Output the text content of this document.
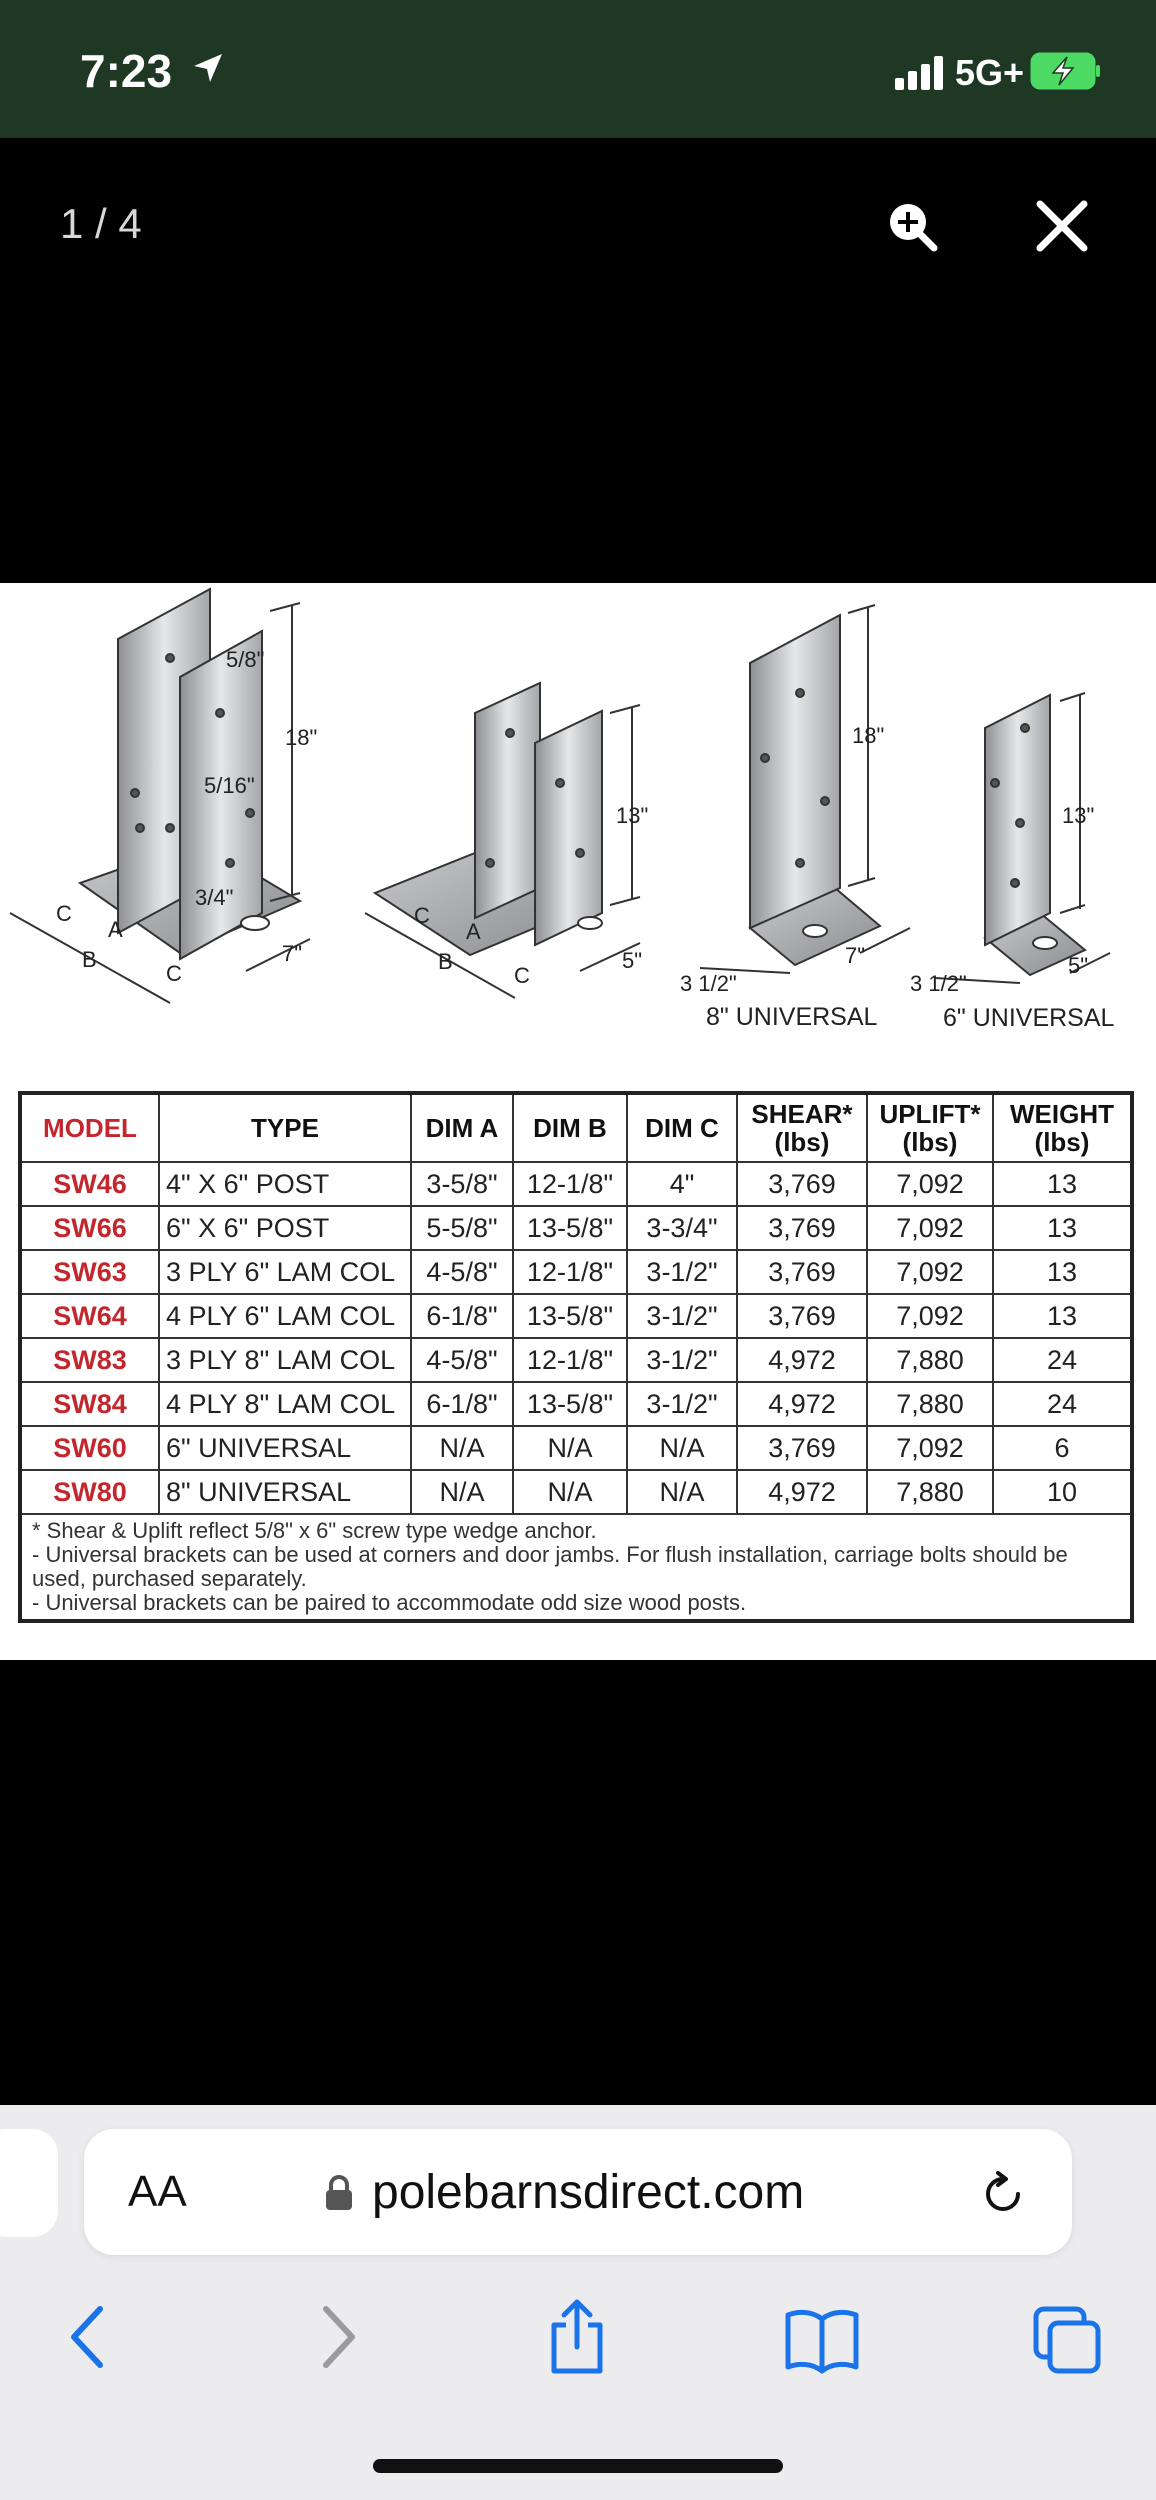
7:23	5G+
1 / 4
5/8"
18"
5/16"
3/4"
7"
C
A
B
C
13"
5"
C
A
B
C
18"
7"
3 1/2"
8" UNIVERSAL
13"
5"
3 1/2"
6" UNIVERSAL
MODEL	TYPE	DIM A	DIM B	DIM C	SHEAR* (lbs)	UPLIFT* (lbs)	WEIGHT (lbs)
SW46	4" X 6" POST	3-5/8"	12-1/8"	4"	3,769	7,092	13
SW66	6" X 6" POST	5-5/8"	13-5/8"	3-3/4"	3,769	7,092	13
SW63	3 PLY 6" LAM COL	4-5/8"	12-1/8"	3-1/2"	3,769	7,092	13
SW64	4 PLY 6" LAM COL	6-1/8"	13-5/8"	3-1/2"	3,769	7,092	13
SW83	3 PLY 8" LAM COL	4-5/8"	12-1/8"	3-1/2"	4,972	7,880	24
SW84	4 PLY 8" LAM COL	6-1/8"	13-5/8"	3-1/2"	4,972	7,880	24
SW60	6" UNIVERSAL	N/A	N/A	N/A	3,769	7,092	6
SW80	8" UNIVERSAL	N/A	N/A	N/A	4,972	7,880	10

* Shear & Uplift reflect 5/8" x 6" screw type wedge anchor.
- Universal brackets can be used at corners and door jambs. For flush installation, carriage bolts should be used, purchased separately.
- Universal brackets can be paired to accommodate odd size wood posts.							
AA	polebarnsdirect.com
